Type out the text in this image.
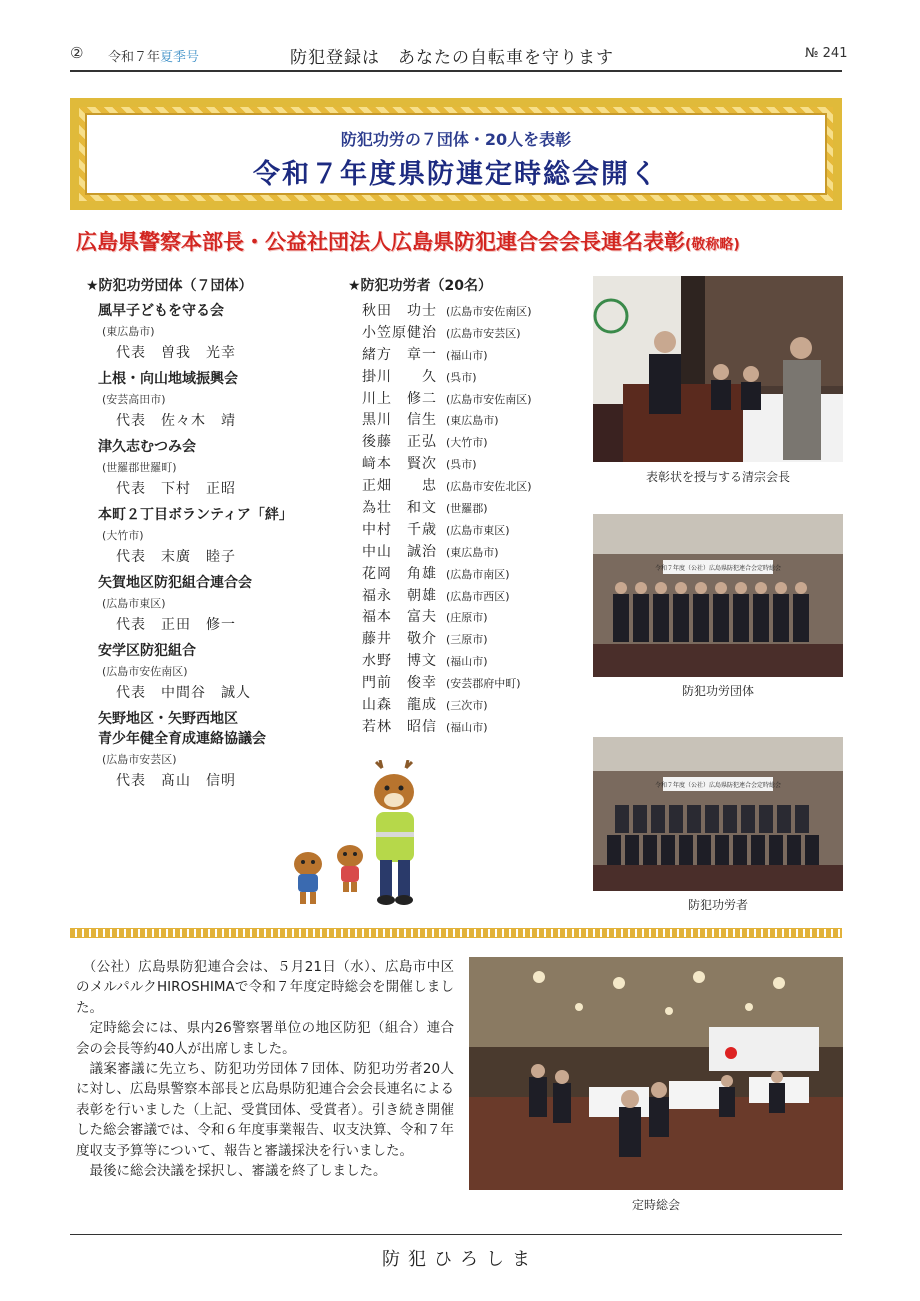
② 令和７年夏季号	防犯登録は　あなたの自転車を守ります	№ 241
防犯功労の７団体・20人を表彰
令和７年度県防連定時総会開く
広島県警察本部長・公益社団法人広島県防犯連合会会長連名表彰(敬称略)
★防犯功労団体（７団体）
風早子どもを守る会
(東広島市)
代表　曽我　光幸
上根・向山地域振興会
(安芸高田市)
代表　佐々木　靖
津久志むつみ会
(世羅郡世羅町)
代表　下村　正昭
本町２丁目ボランティア「絆」
(大竹市)
代表　末廣　睦子
矢賀地区防犯組合連合会
(広島市東区)
代表　正田　修一
安学区防犯組合
(広島市安佐南区)
代表　中間谷　誠人
矢野地区・矢野西地区
青少年健全育成連絡協議会
(広島市安芸区)
代表　髙山　信明
★防犯功労者（20名）
秋田　功士 (広島市安佐南区)
小笠原健治 (広島市安芸区)
緒方　章一 (福山市)
掛川　　久 (呉市)
川上　修二 (広島市安佐南区)
黒川　信生 (東広島市)
後藤　正弘 (大竹市)
﨑本　賢次 (呉市)
正畑　　忠 (広島市安佐北区)
為壮　和文 (世羅郡)
中村　千歳 (広島市東区)
中山　誠治 (東広島市)
花岡　角雄 (広島市南区)
福永　朝雄 (広島市西区)
福本　富夫 (庄原市)
藤井　敬介 (三原市)
水野　博文 (福山市)
門前　俊幸 (安芸郡府中町)
山森　龍成 (三次市)
若林　昭信 (福山市)
表彰状を授与する清宗会長
令和７年度（公社）広島県防犯連合会定時総会
防犯功労団体
令和７年度（公社）広島県防犯連合会定時総会
防犯功労者

（公社）広島県防犯連合会は、５月21日（水）、広島市中区のメルパルクHIROSHIMAで令和７年度定時総会を開催しました。

定時総会には、県内26警察署単位の地区防犯（組合）連合会の会長等約40人が出席しました。

議案審議に先立ち、防犯功労団体７団体、防犯功労者20人に対し、広島県警察本部長と広島県防犯連合会会長連名による表彰を行いました（上記、受賞団体、受賞者）。引き続き開催した総会審議では、令和６年度事業報告、収支決算、令和７年度収支予算等について、報告と審議採決を行いました。

最後に総会決議を採択し、審議を終了しました。

定時総会
防犯ひろしま
